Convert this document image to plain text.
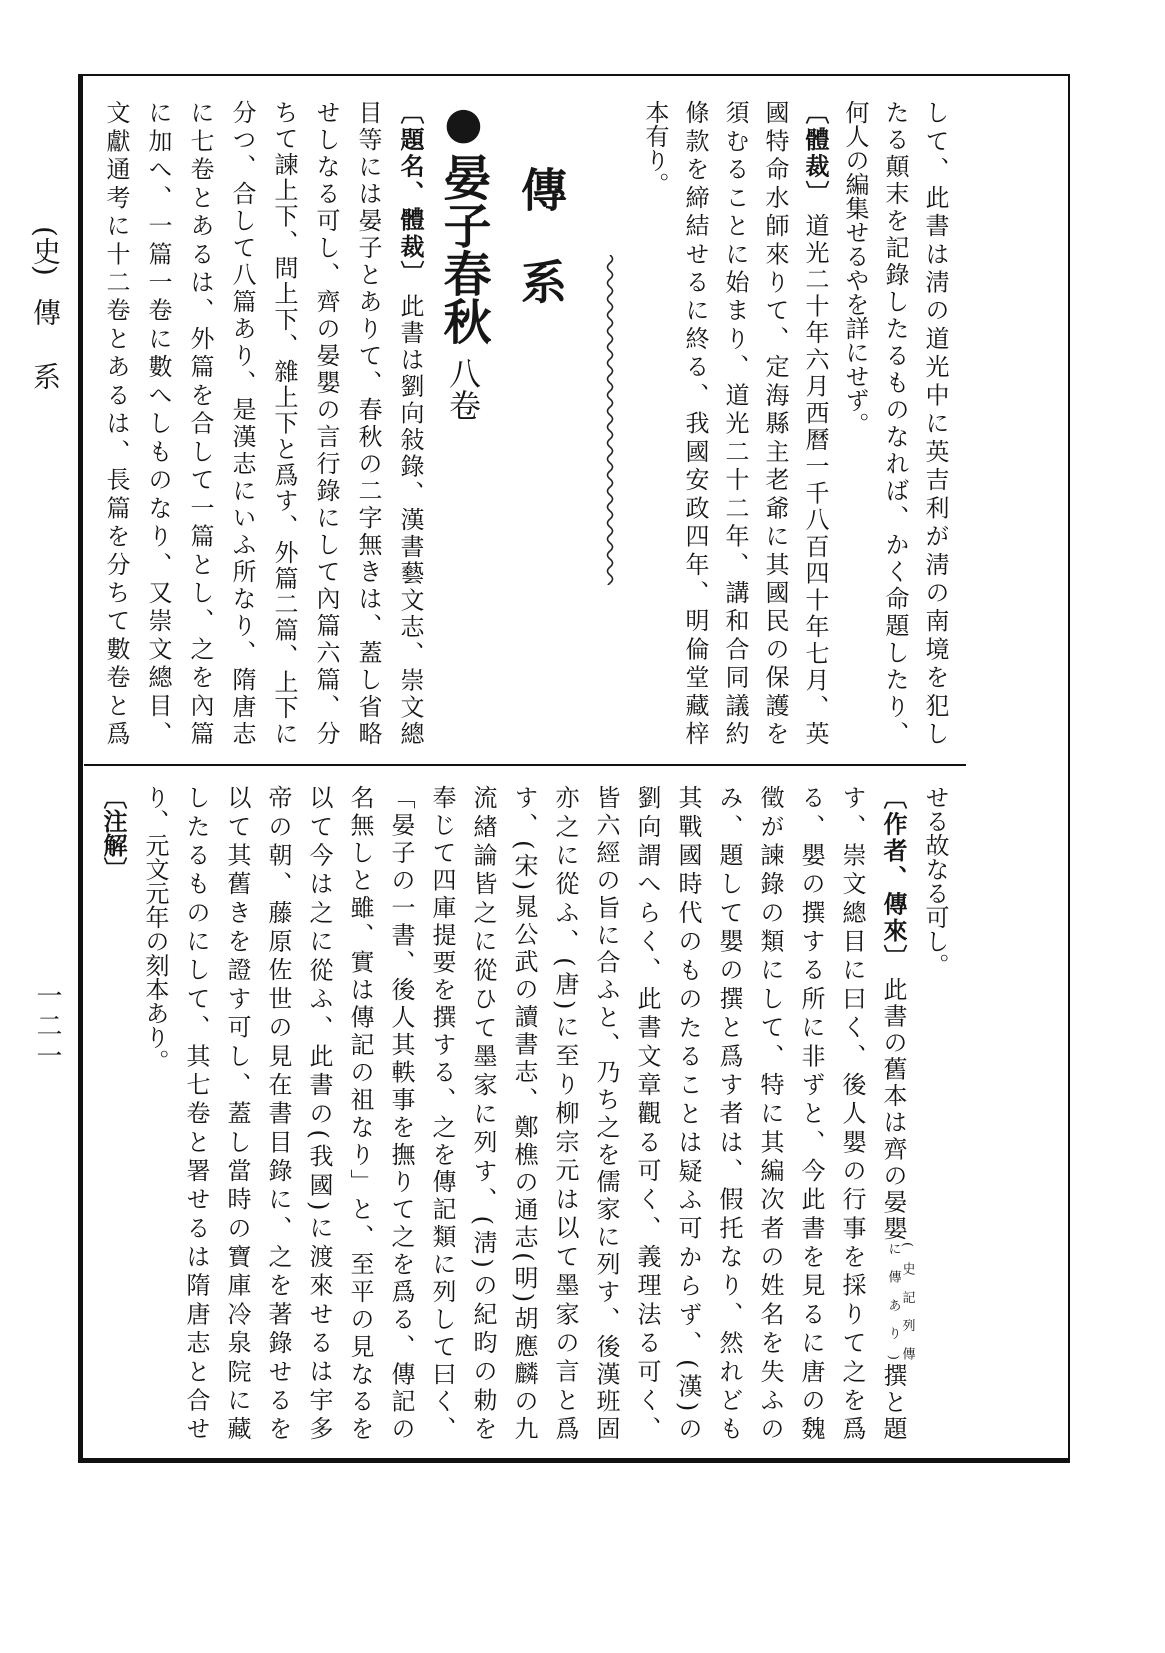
(史)傳　系
一二一
して、此書は淸の道光中に英吉利が淸の南境を犯し
たる顛末を記錄したるものなれば、かく命題したり、
何人の編集せるやを詳にせず。
〔體裁〕道光二十年六月西曆一千八百四十年七月、英
國特命水師來りて、定海縣主老爺に其國民の保護を
須むることに始まり、道光二十二年、講和合同議約
條款を締結せるに終る、我國安政四年、明倫堂藏梓
本有り。
傳　系
●晏子春秋八卷
〔題名、體裁〕此書は劉向敍錄、漢書藝文志、崇文總
目等には晏子とありて、春秋の二字無きは、蓋し省略
せしなる可し、齊の晏嬰の言行錄にして內篇六篇、分
ちて諫上下、問上下、雜上下と爲す、外篇二篇、上下に
分つ、合して八篇あり、是漢志にいふ所なり、隋唐志
に七卷とあるは、外篇を合して一篇とし、之を內篇
に加へ、一篇一卷に數へしものなり、又崇文總目、
文獻通考に十二卷とあるは、長篇を分ちて數卷と爲
せる故なる可し。
〔作者、傳來〕此書の舊本は齊の晏嬰
(史記列傳
に傳あり)
撰と題
す、崇文總目に曰く、後人嬰の行事を採りて之を爲
る、嬰の撰する所に非ずと、今此書を見るに唐の魏
徵が諫錄の類にして、特に其編次者の姓名を失ふの
み、題して嬰の撰と爲す者は、假托なり、然れども
其戰國時代のものたることは疑ふ可からず、(漢)の
劉向謂へらく、此書文章觀る可く、義理法る可く、
皆六經の旨に合ふと、乃ち之を儒家に列す、後漢班固
亦之に從ふ、(唐)に至り柳宗元は以て墨家の言と爲
す、(宋)晁公武の讀書志、鄭樵の通志(明)胡應麟の九
流緖論皆之に從ひて墨家に列す、(淸)の紀昀の勅を
奉じて四庫提要を撰する、之を傳記類に列して曰く、
「晏子の一書、後人其軼事を撫りて之を爲る、傳記の
名無しと雖、實は傳記の祖なり」と、至平の見なるを
以て今は之に從ふ、此書の(我國)に渡來せるは宇多
帝の朝、藤原佐世の見在書目錄に、之を著錄せるを
以て其舊きを證す可し、蓋し當時の寶庫冷泉院に藏
したるものにして、其七卷と署せるは隋唐志と合せ
り、元文元年の刻本あり。
〔注解〕
